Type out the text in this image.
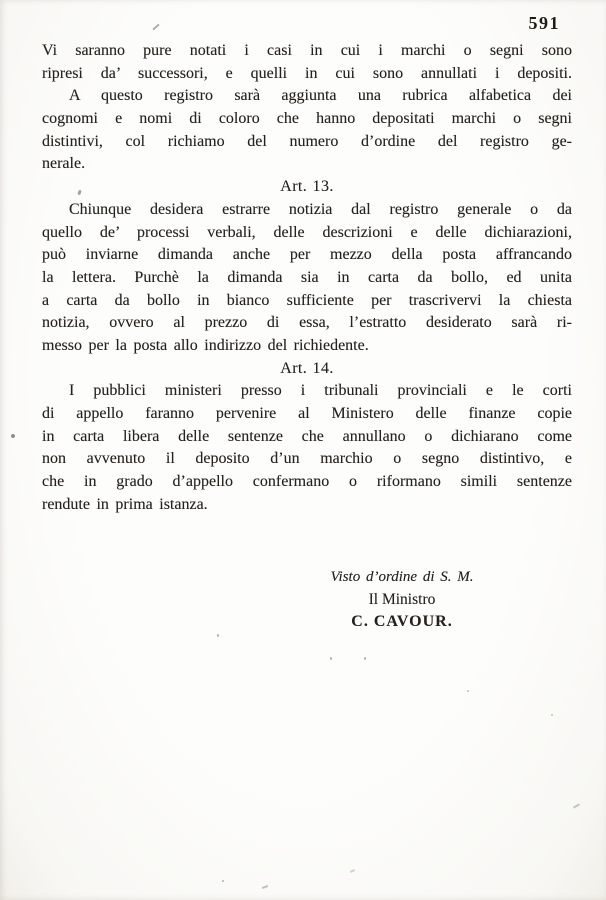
591
Vi saranno pure notati i casi in cui i marchi o segni sono
ripresi da’ successori, e quelli in cui sono annullati i depositi.
A questo registro sarà aggiunta una rubrica alfabetica dei
cognomi e nomi di coloro che hanno depositati marchi o segni
distintivi, col richiamo del numero d’ordine del registro ge-
nerale.
Art. 13.
Chiunque desidera estrarre notizia dal registro generale o da
quello de’ processi verbali, delle descrizioni e delle dichiarazioni,
può inviarne dimanda anche per mezzo della posta affrancando
la lettera. Purchè la dimanda sia in carta da bollo, ed unita
a carta da bollo in bianco sufficiente per trascrivervi la chiesta
notizia, ovvero al prezzo di essa, l’estratto desiderato sarà ri-
messo per la posta allo indirizzo del richiedente.
Art. 14.
I pubblici ministeri presso i tribunali provinciali e le corti
di appello faranno pervenire al Ministero delle finanze copie
in carta libera delle sentenze che annullano o dichiarano come
non avvenuto il deposito d’un marchio o segno distintivo, e
che in grado d’appello confermano o riformano simili sentenze
rendute in prima istanza.
Visto d’ordine di S. M.
Il Ministro
C. CAVOUR.
